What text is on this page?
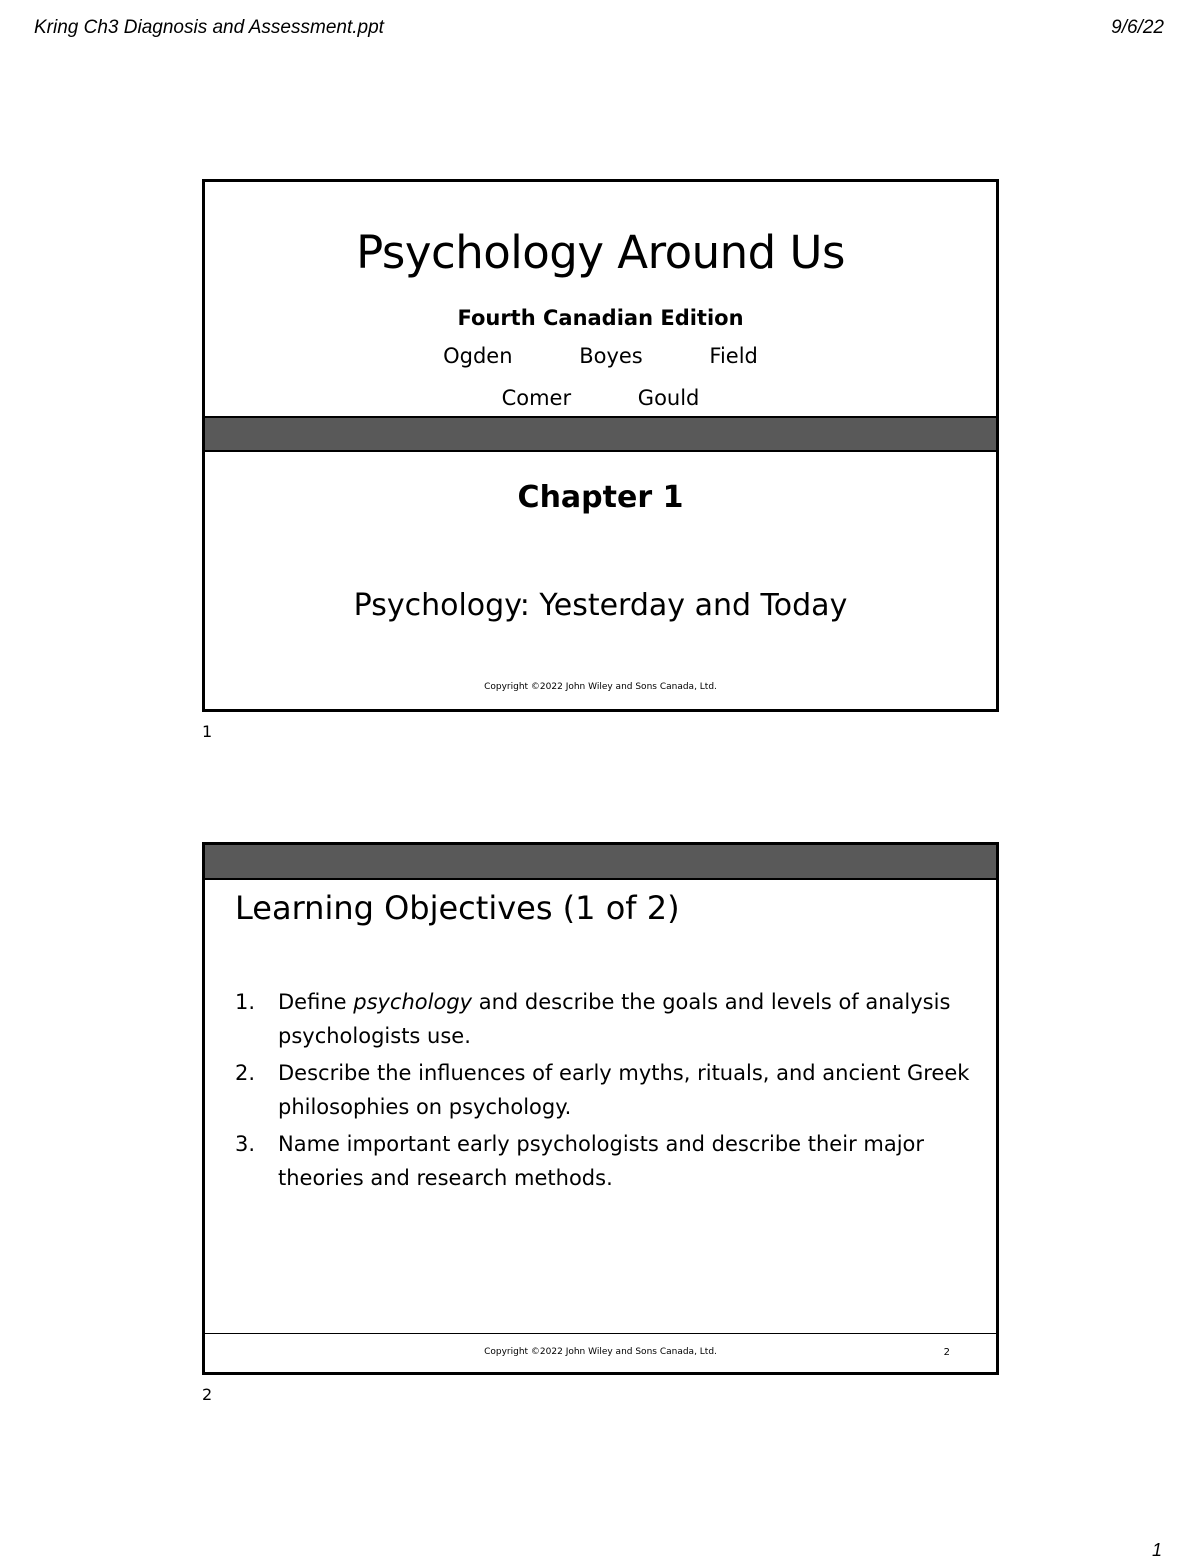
Kring Ch3 Diagnosis and Assessment.ppt	9/6/22
Psychology Around Us
Fourth Canadian Edition
Ogden	Boyes	Field
Comer	Gould
Chapter 1
Psychology: Yesterday and Today
Copyright ©2022 John Wiley and Sons Canada, Ltd.
1
Learning Objectives (1 of 2)
1. Define psychology and describe the goals and levels of analysis psychologists use.
2. Describe the influences of early myths, rituals, and ancient Greek philosophies on psychology.
3. Name important early psychologists and describe their major theories and research methods.
Copyright ©2022 John Wiley and Sons Canada, Ltd.	2
2
1
